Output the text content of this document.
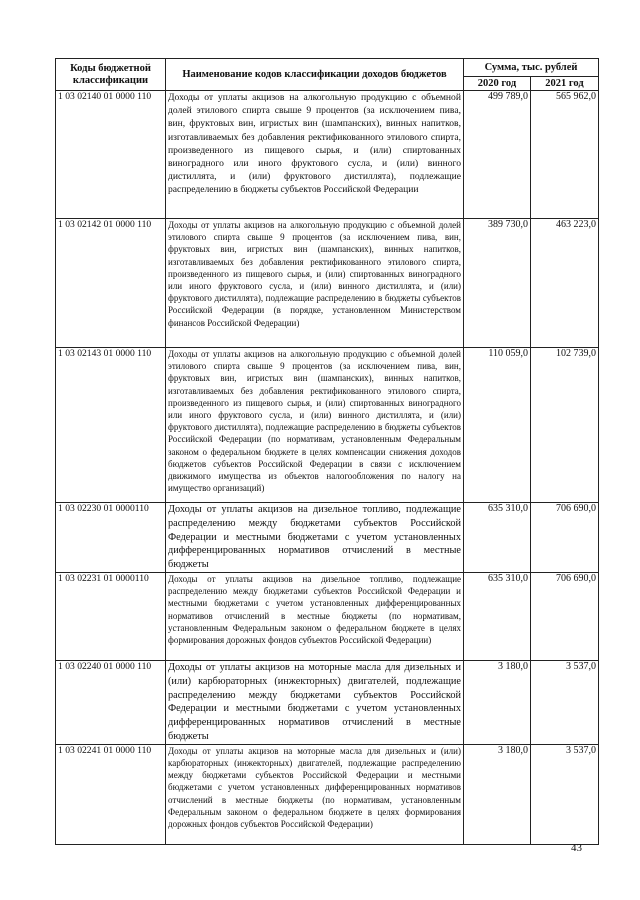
Коды бюджетной классификации	Наименование кодов классификации доходов бюджетов	Сумма, тыс. рублей	
		2020 год	2021 год
1 03 02140 01 0000 110	Доходы от уплаты акцизов на алкогольную продукцию с объемной долей этилового спирта свыше 9 процентов (за исключением пива, вин, фруктовых вин, игристых вин (шампанских), винных напитков, изготавливаемых без добавления ректификованного этилового спирта, произведенного из пищевого сырья, и (или) спиртованных виноградного или иного фруктового сусла, и (или) винного дистиллята, и (или) фруктового дистиллята), подлежащие распределению в бюджеты субъектов Российской Федерации	499 789,0	565 962,0
1 03 02142 01 0000 110	Доходы от уплаты акцизов на алкогольную продукцию с объемной долей этилового спирта свыше 9 процентов (за исключением пива, вин, фруктовых вин, игристых вин (шампанских), винных напитков, изготавливаемых без добавления ректификованного этилового спирта, произведенного из пищевого сырья, и (или) спиртованных виноградного или иного фруктового сусла, и (или) винного дистиллята, и (или) фруктового дистиллята), подлежащие распределению в бюджеты субъектов Российской Федерации (в порядке, установленном Министерством финансов Российской Федерации)	389 730,0	463 223,0
1 03 02143 01 0000 110	Доходы от уплаты акцизов на алкогольную продукцию с объемной долей этилового спирта свыше 9 процентов (за исключением пива, вин, фруктовых вин, игристых вин (шампанских), винных напитков, изготавливаемых без добавления ректификованного этилового спирта, произведенного из пищевого сырья, и (или) спиртованных виноградного или иного фруктового сусла, и (или) винного дистиллята, и (или) фруктового дистиллята), подлежащие распределению в бюджеты субъектов Российской Федерации (по нормативам, установленным Федеральным законом о федеральном бюджете в целях компенсации снижения доходов бюджетов субъектов Российской Федерации в связи с исключением движимого имущества из объектов налогообложения по налогу на имущество организаций)	110 059,0	102 739,0
1 03 02230 01 0000110	Доходы от уплаты акцизов на дизельное топливо, подлежащие распределению между бюджетами субъектов Российской Федерации и местными бюджетами с учетом установленных дифференцированных нормативов отчислений в местные бюджеты	635 310,0	706 690,0
1 03 02231 01 0000110	Доходы от уплаты акцизов на дизельное топливо, подлежащие распределению между бюджетами субъектов Российской Федерации и местными бюджетами с учетом установленных дифференцированных нормативов отчислений в местные бюджеты (по нормативам, установленным Федеральным законом о федеральном бюджете в целях формирования дорожных фондов субъектов Российской Федерации)	635 310,0	706 690,0
1 03 02240 01 0000 110	Доходы от уплаты акцизов на моторные масла для дизельных и (или) карбюраторных (инжекторных) двигателей, подлежащие распределению между бюджетами субъектов Российской Федерации и местными бюджетами с учетом установленных дифференцированных нормативов отчислений в местные бюджеты	3 180,0	3 537,0
1 03 02241 01 0000 110	Доходы от уплаты акцизов на моторные масла для дизельных и (или) карбюраторных (инжекторных) двигателей, подлежащие распределению между бюджетами субъектов Российской Федерации и местными бюджетами с учетом установленных дифференцированных нормативов отчислений в местные бюджеты (по нормативам, установленным Федеральным законом о федеральном бюджете в целях формирования дорожных фондов субъектов Российской Федерации)	3 180,0	3 537,0
43
